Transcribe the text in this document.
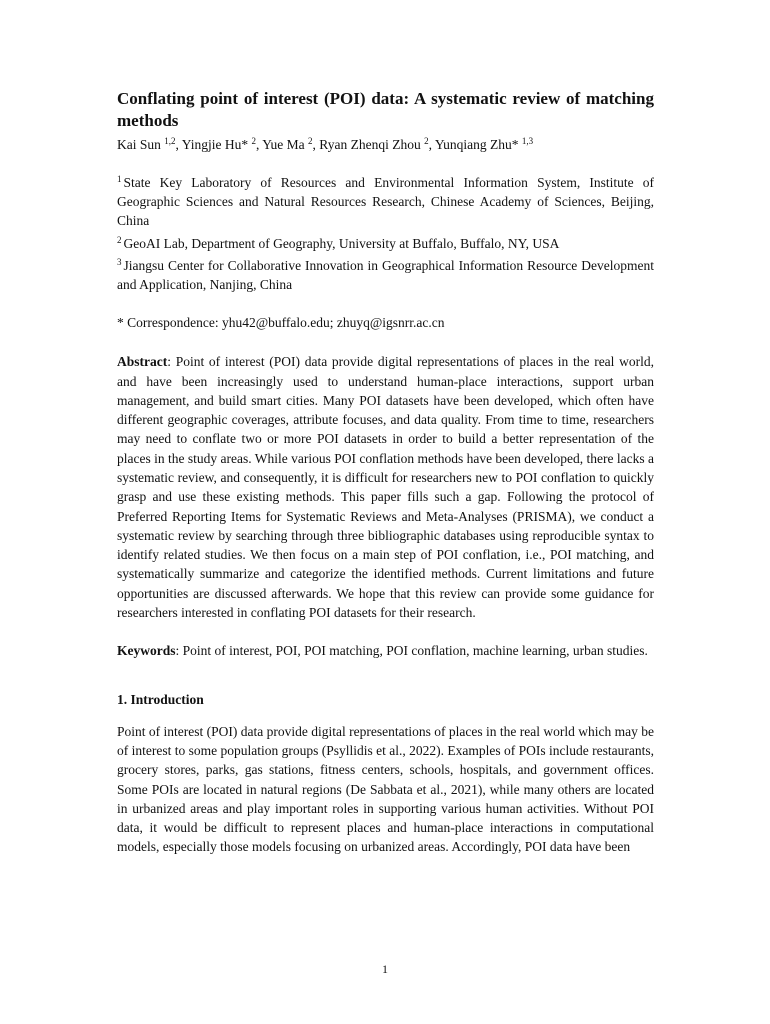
Conflating point of interest (POI) data: A systematic review of matching methods
Kai Sun $^{1,2}$, Yingjie Hu* $^2$, Yue Ma $^2$, Ryan Zhenqi Zhou $^2$, Yunqiang Zhu* $^{1,3}$
$^1$ State Key Laboratory of Resources and Environmental Information System, Institute of Geographic Sciences and Natural Resources Research, Chinese Academy of Sciences, Beijing, China
$^2$ GeoAI Lab, Department of Geography, University at Buffalo, Buffalo, NY, USA
$^3$ Jiangsu Center for Collaborative Innovation in Geographical Information Resource Development and Application, Nanjing, China
* Correspondence: yhu42@buffalo.edu; zhuyq@igsnrr.ac.cn
Abstract: Point of interest (POI) data provide digital representations of places in the real world, and have been increasingly used to understand human-place interactions, support urban management, and build smart cities. Many POI datasets have been developed, which often have different geographic coverages, attribute focuses, and data quality. From time to time, researchers may need to conflate two or more POI datasets in order to build a better representation of the places in the study areas. While various POI conflation methods have been developed, there lacks a systematic review, and consequently, it is difficult for researchers new to POI conflation to quickly grasp and use these existing methods. This paper fills such a gap. Following the protocol of Preferred Reporting Items for Systematic Reviews and Meta-Analyses (PRISMA), we conduct a systematic review by searching through three bibliographic databases using reproducible syntax to identify related studies. We then focus on a main step of POI conflation, i.e., POI matching, and systematically summarize and categorize the identified methods. Current limitations and future opportunities are discussed afterwards. We hope that this review can provide some guidance for researchers interested in conflating POI datasets for their research.
Keywords: Point of interest, POI, POI matching, POI conflation, machine learning, urban studies.
1. Introduction
Point of interest (POI) data provide digital representations of places in the real world which may be of interest to some population groups (Psyllidis et al., 2022). Examples of POIs include restaurants, grocery stores, parks, gas stations, fitness centers, schools, hospitals, and government offices. Some POIs are located in natural regions (De Sabbata et al., 2021), while many others are located in urbanized areas and play important roles in supporting various human activities. Without POI data, it would be difficult to represent places and human-place interactions in computational models, especially those models focusing on urbanized areas. Accordingly, POI data have been
1
